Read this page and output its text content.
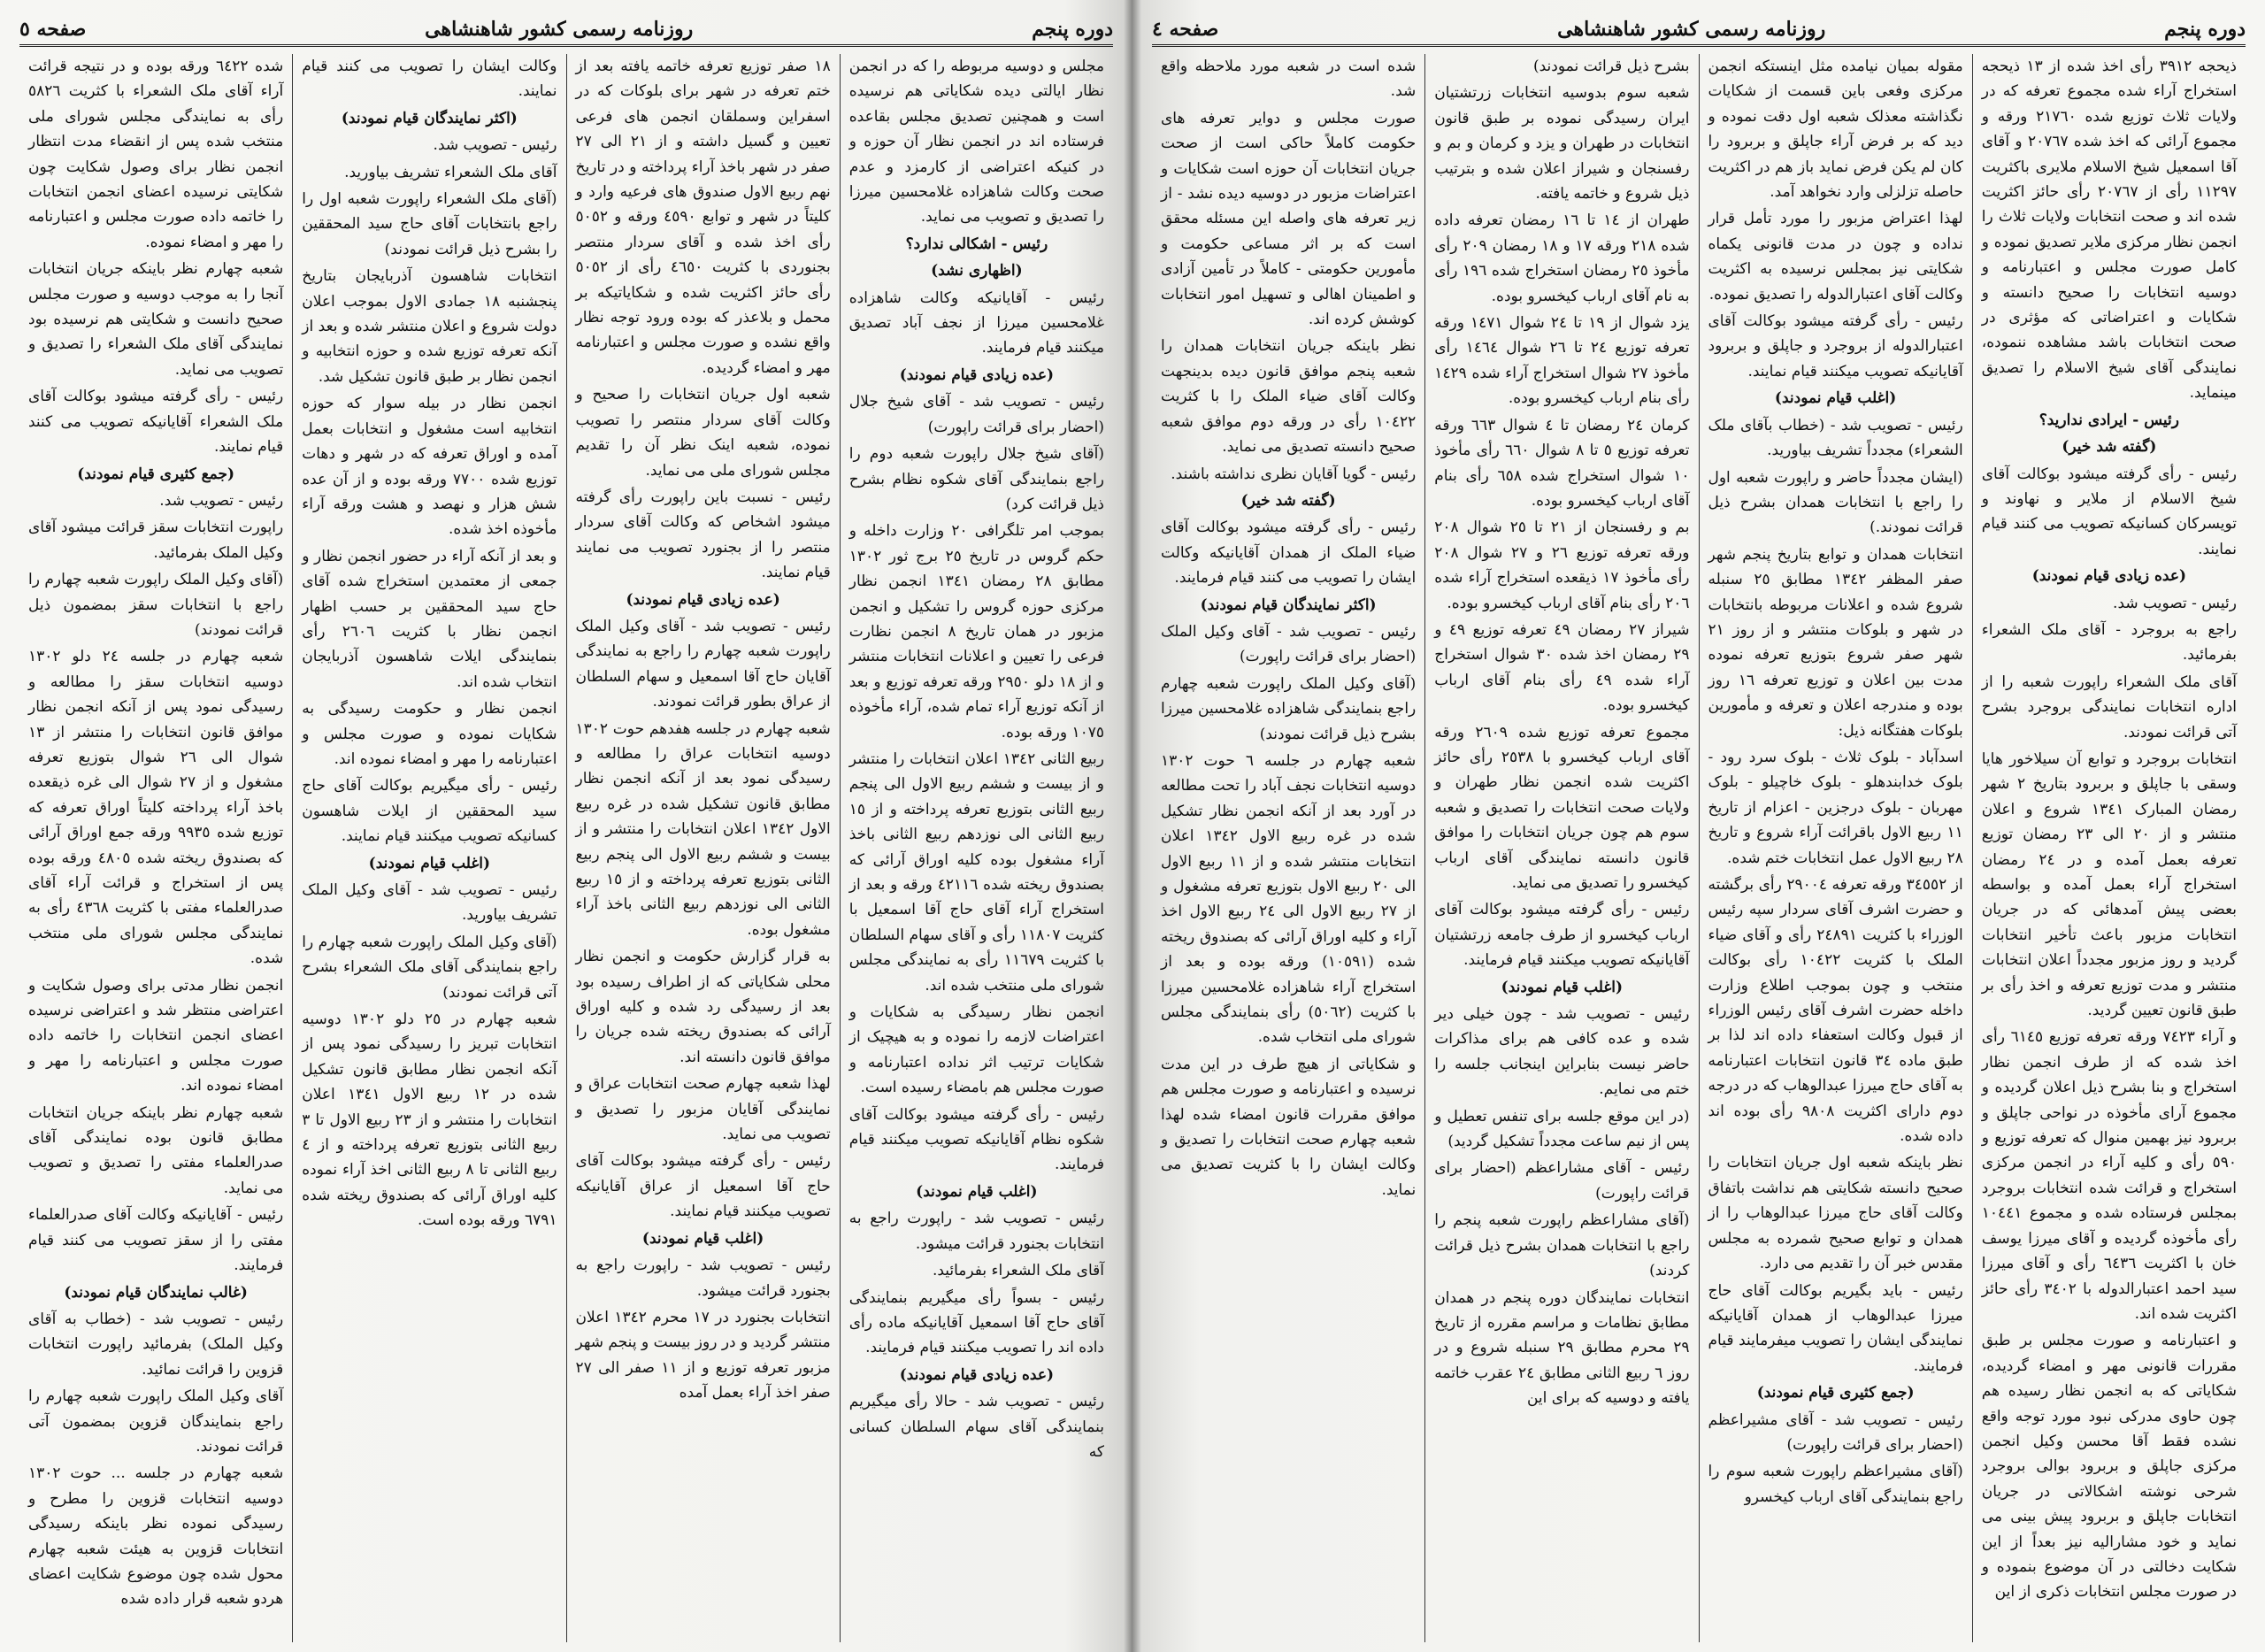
صفحه ٤	روزنامه رسمی کشور شاهنشاهی	دوره پنجم

ذیحجه ٣٩١٢ رأی اخذ شده از ١٣ ذیحجه استخراج آراء شده مجموع تعرفه که در ولایات ثلاث توزیع شده ٢١٧٦٠ ورقه و مجموع آرائی که اخذ شده ٢٠٧٦٧ و آقای آقا اسمعیل شیخ الاسلام ملایری باکثریت ١١٢٩٧ رأی از ٢٠٧٦٧ رأی حائز اکثریت شده اند و صحت انتخابات ولایات ثلاث را انجمن نظار مرکزی ملایر تصدیق نموده و کامل صورت مجلس و اعتبارنامه و دوسیه انتخابات را صحیح دانسته و شکایات و اعتراضاتی که مؤثری در صحت انتخابات باشد مشاهده ننموده، نمایندگی آقای شیخ الاسلام را تصدیق مینماید.

رئیس - ایرادی ندارید؟

(گفته شد خیر)

رئیس - رأی گرفته میشود بوکالت آقای شیخ الاسلام از ملایر و نهاوند و تویسرکان کسانیکه تصویب می کنند قیام نمایند.

(عده زیادی قیام نمودند)

رئیس - تصویب شد.

راجع به بروجرد - آقای ملک الشعراء بفرمائید.

آقای ملک الشعراء راپورت شعبه را از اداره انتخابات نمایندگی بروجرد بشرح آتی قرائت نمودند.

انتخابات بروجرد و توابع آن سیلاخور هایا وسقی با جاپلق و بربرود بتاریخ ٢ شهر رمضان المبارک ١٣٤١ شروع و اعلان منتشر و از ٢٠ الی ٢٣ رمضان توزیع تعرفه بعمل آمده و در ٢٤ رمضان استخراج آراء بعمل آمده و بواسطه بعضی پیش آمدهائی که در جریان انتخابات مزبور باعث تأخیر انتخابات گردید و روز مزبور مجدداً اعلان انتخابات منتشر و مدت توزیع تعرفه و اخذ رأی بر طبق قانون تعیین گردید.

و آراء ٧٤٢٣ ورقه تعرفه توزیع ٦١٤٥ رأی اخذ شده که از طرف انجمن نظار استخراج و بنا بشرح ذیل اعلان گردیده و مجموع آرای مأخوذه در نواحی جاپلق و بربرود نیز بهمین منوال که تعرفه توزیع و ٥٩٠ رأی و کلیه آراء در انجمن مرکزی استخراج و قرائت شده انتخابات بروجرد بمجلس فرستاده شده و مجموع ١٠٤٤١ رأی مأخوذه گردیده و آقای میرزا یوسف خان با اکثریت ٦٤٣٦ رأی و آقای میرزا سید احمد اعتبارالدوله با ٣٤٠٢ رأی حائز اکثریت شده اند.

و اعتبارنامه و صورت مجلس بر طبق مقررات قانونی مهر و امضاء گردیده، شکایاتی که به انجمن نظار رسیده هم چون حاوی مدرکی نبود مورد توجه واقع نشده فقط آقا محسن وکیل انجمن مرکزی جاپلق و بربرود بوالی بروجرد شرحی نوشته اشکالاتی در جریان انتخابات جاپلق و بربرود پیش بینی می نماید و خود مشارالیه نیز بعداً از این شکایت دخالتی در آن موضوع بنموده و در صورت مجلس انتخابات ذکری از این

مقوله بمیان نیامده مثل اینستکه انجمن مرکزی وفعی باین قسمت از شکایات نگذاشته معذلک شعبه اول دقت نموده و دید که بر فرض آراء جاپلق و بربرود را کان لم یکن فرض نماید باز هم در اکثریت حاصله تزلزلی وارد نخواهد آمد.

لهذا اعتراض مزبور را مورد تأمل قرار نداده و چون در مدت قانونی یکماه شکایتی نیز بمجلس نرسیده به اکثریت وکالت آقای اعتبارالدوله را تصدیق نموده.

رئیس - رأی گرفته میشود بوکالت آقای اعتبارالدوله از بروجرد و جاپلق و بربرود آقایانیکه تصویب میکنند قیام نمایند.

(اغلب قیام نمودند)

رئیس - تصویب شد - (خطاب بآقای ملک الشعراء) مجدداً تشریف بیاورید.

(ایشان مجدداً حاضر و راپورت شعبه اول را راجع با انتخابات همدان بشرح ذیل قرائت نمودند.)

انتخابات همدان و توابع بتاریخ پنجم شهر صفر المظفر ١٣٤٢ مطابق ٢٥ سنبله شروع شده و اعلانات مربوطه بانتخابات در شهر و بلوکات منتشر و از روز ٢١ شهر صفر شروع بتوزیع تعرفه نموده مدت بین اعلان و توزیع تعرفه ١٦ روز بوده و مندرجه اعلان و تعرفه و مأمورین بلوکات هفتگانه ذیل:

اسدآباد - بلوک ثلاث - بلوک سرد رود - بلوک خدابندهلو - بلوک خاچیلو - بلوک مهربان - بلوک درجزین - اعزام از تاریخ ١١ ربیع الاول باقرائت آراء شروع و تاریخ ٢٨ ربیع الاول عمل انتخابات ختم شده.

از ٣٤٥٥٢ ورقه تعرفه ٢٩٠٠٤ رأی برگشته و حضرت اشرف آقای سردار سپه رئیس الوزراء با کثریت ٢٤٨٩١ رأی و آقای ضیاء الملک با کثریت ١٠٤٢٢ رأی بوکالت منتخب و چون بموجب اطلاع وزارت داخله حضرت اشرف آقای رئیس الوزراء از قبول وکالت استعفاء داده اند لذا بر طبق ماده ٣٤ قانون انتخابات اعتبارنامه به آقای حاج میرزا عبدالوهاب که در درجه دوم دارای اکثریت ٩٨٠٨ رأی بوده اند داده شده.

نظر باینکه شعبه اول جریان انتخابات را صحیح دانسته شکایتی هم نداشت باتفاق وکالت آقای حاج میرزا عبدالوهاب را از همدان و توابع صحیح شمرده به مجلس مقدس خبر آن را تقدیم می دارد.

رئیس - باید بگیریم بوکالت آقای حاج میرزا عبدالوهاب از همدان آقایانیکه نمایندگی ایشان را تصویب میفرمایند قیام فرمایند.

(جمع کثیری قیام نمودند)

رئیس - تصویب شد - آقای مشیراعظم (احضار برای قرائت راپورت)

(آقای مشیراعظم راپورت شعبه سوم را راجع بنمایندگی آقای ارباب کیخسرو

بشرح ذیل قرائت نمودند)

شعبه سوم بدوسیه انتخابات زرتشتیان ایران رسیدگی نموده بر طبق قانون انتخابات در طهران و یزد و کرمان و بم و رفسنجان و شیراز اعلان شده و بترتیب ذیل شروع و خاتمه یافته.

طهران از ١٤ تا ١٦ رمضان تعرفه داده شده ٢١٨ ورقه ١٧ و ١٨ رمضان ٢٠٩ رأی مأخوذ ٢٥ رمضان استخراج شده ١٩٦ رأی به نام آقای ارباب کیخسرو بوده.

یزد شوال از ١٩ تا ٢٤ شوال ١٤٧١ ورقه تعرفه توزیع ٢٤ تا ٢٦ شوال ١٤٦٤ رأی مأخوذ ٢٧ شوال استخراج آراء شده ١٤٢٩ رأی بنام ارباب کیخسرو بوده.

کرمان ٢٤ رمضان تا ٤ شوال ٦٦٣ ورقه تعرفه توزیع ٥ تا ٨ شوال ٦٦٠ رأی مأخوذ ١٠ شوال استخراج شده ٦٥٨ رأی بنام آقای ارباب کیخسرو بوده.

بم و رفسنجان از ٢١ تا ٢٥ شوال ٢٠٨ ورقه تعرفه توزیع ٢٦ و ٢٧ شوال ٢٠٨ رأی مأخوذ ١٧ ذیقعده استخراج آراء شده ٢٠٦ رأی بنام آقای ارباب کیخسرو بوده.

شیراز ٢٧ رمضان ٤٩ تعرفه توزیع ٤٩ و ٢٩ رمضان اخذ شده ٣٠ شوال استخراج آراء شده ٤٩ رأی بنام آقای ارباب کیخسرو بوده.

مجموع تعرفه توزیع شده ٢٦٠٩ ورقه آقای ارباب کیخسرو با ٢٥٣٨ رأی حائز اکثریت شده انجمن نظار طهران و ولایات صحت انتخابات را تصدیق و شعبه سوم هم چون جریان انتخابات را موافق قانون دانسته نمایندگی آقای ارباب کیخسرو را تصدیق می نماید.

رئیس - رأی گرفته میشود بوکالت آقای ارباب کیخسرو از طرف جامعه زرتشتیان آقایانیکه تصویب میکنند قیام فرمایند.

(اغلب قیام نمودند)

رئیس - تصویب شد - چون خیلی دیر شده و عده کافی هم برای مذاکرات حاضر نیست بنابراین اینجانب جلسه را ختم می نمایم.

(در این موقع جلسه برای تنفس تعطیل و پس از نیم ساعت مجدداً تشکیل گردید)

رئیس - آقای مشاراعظم (احضار برای قرائت راپورت)

(آقای مشاراعظم راپورت شعبه پنجم را راجع با انتخابات همدان بشرح ذیل قرائت کردند)

انتخابات نمایندگان دوره پنجم در همدان مطابق نظامات و مراسم مقرره از تاریخ ٢٩ محرم مطابق ٢٩ سنبله شروع و در روز ٦ ربیع الثانی مطابق ٢٤ عقرب خاتمه یافته و دوسیه که برای این

شده است در شعبه مورد ملاحظه واقع شد.

صورت مجلس و دوایر تعرفه های حکومت کاملاً حاکی است از صحت جریان انتخابات آن حوزه است شکایات و اعتراضات مزبور در دوسیه دیده نشد - از زیر تعرفه های واصله این مسئله محقق است که بر اثر مساعی حکومت و مأمورین حکومتی - کاملاً در تأمین آزادی و اطمینان اهالی و تسهیل امور انتخابات کوشش کرده اند.

نظر باینکه جریان انتخابات همدان را شعبه پنجم موافق قانون دیده بدینجهت وکالت آقای ضیاء الملک را با کثریت ١٠٤٢٢ رأی در ورقه دوم موافق شعبه صحیح دانسته تصدیق می نماید.

رئیس - گویا آقایان نظری نداشته باشند.

(گفته شد خیر)

رئیس - رأی گرفته میشود بوکالت آقای ضیاء الملک از همدان آقایانیکه وکالت ایشان را تصویب می کنند قیام فرمایند.

(اکثر نمایندگان قیام نمودند)

رئیس - تصویب شد - آقای وکیل الملک (احضار برای قرائت راپورت)

(آقای وکیل الملک راپورت شعبه چهارم راجع بنمایندگی شاهزاده غلامحسین میرزا بشرح ذیل قرائت نمودند)

شعبه چهارم در جلسه ٦ حوت ١٣٠٢ دوسیه انتخابات نجف آباد را تحت مطالعه در آورد بعد از آنکه انجمن نظار تشکیل شده در غره ربیع الاول ١٣٤٢ اعلان انتخابات منتشر شده و از ١١ ربیع الاول الی ٢٠ ربیع الاول بتوزیع تعرفه مشغول و از ٢٧ ربیع الاول الی ٢٤ ربیع الاول اخذ آراء و کلیه اوراق آرائی که بصندوق ریخته شده (١٠٥٩١) ورقه بوده و بعد از استخراج آراء شاهزاده غلامحسین میرزا با کثریت (٥٠٦٢) رأی بنمایندگی مجلس شورای ملی انتخاب شده.

و شکایاتی از هیچ طرف در این مدت نرسیده و اعتبارنامه و صورت مجلس هم موافق مقررات قانون امضاء شده لهذا شعبه چهارم صحت انتخابات را تصدیق و وکالت ایشان را با کثریت تصدیق می نماید.

صفحه ٥	روزنامه رسمی کشور شاهنشاهی	دوره پنجم

مجلس و دوسیه مربوطه را که در انجمن نظار ایالتی دیده شکایاتی هم نرسیده است و همچنین تصدیق مجلس بقاعده فرستاده اند در انجمن نظار آن حوزه و در کنیکه اعتراضی از کارمزد و عدم صحت وکالت شاهزاده غلامحسین میرزا را تصدیق و تصویب می نماید.

رئیس - اشکالی ندارد؟

(اظهاری نشد)

رئیس - آقایانیکه وکالت شاهزاده غلامحسین میرزا از نجف آباد تصدیق میکنند قیام فرمایند.

(عده زیادی قیام نمودند)

رئیس - تصویب شد - آقای شیخ جلال (احضار برای قرائت راپورت)

(آقای شیخ جلال راپورت شعبه دوم را راجع بنمایندگی آقای شکوه نظام بشرح ذیل قرائت کرد)

بموجب امر تلگرافی ٢٠ وزارت داخله و حکم گروس در تاریخ ٢٥ برج ثور ١٣٠٢ مطابق ٢٨ رمضان ١٣٤١ انجمن نظار مرکزی حوزه گروس را تشکیل و انجمن مزبور در همان تاریخ ٨ انجمن نظارت فرعی را تعیین و اعلانات انتخابات منتشر و از ١٨ دلو ٢٩٥٠ ورقه تعرفه توزیع و بعد از آنکه توزیع آراء تمام شده، آراء مأخوذه ١٠٧٥ ورقه بوده.

ربیع الثانی ١٣٤٢ اعلان انتخابات را منتشر و از بیست و ششم ربیع الاول الی پنجم ربیع الثانی بتوزیع تعرفه پرداخته و از ١٥ ربیع الثانی الی نوزدهم ربیع الثانی باخذ آراء مشغول بوده کلیه اوراق آرائی که بصندوق ریخته شده ٤٢١١٦ ورقه و بعد از استخراج آراء آقای حاج آقا اسمعیل با کثریت ١١٨٠٧ رأی و آقای سهام السلطان با کثریت ١١٦٧٩ رأی به نمایندگی مجلس شورای ملی منتخب شده اند.

انجمن نظار رسیدگی به شکایات و اعتراضات لازمه را نموده و به هیچیک از شکایات ترتیب اثر نداده اعتبارنامه و صورت مجلس هم بامضاء رسیده است.

رئیس - رأی گرفته میشود بوکالت آقای شکوه نظام آقایانیکه تصویب میکنند قیام فرمایند.

(اغلب قیام نمودند)

رئیس - تصویب شد - راپورت راجع به انتخابات بجنورد قرائت میشود.

آقای ملک الشعراء بفرمائید.

رئیس - بسواً رأی میگیریم بنمایندگی آقای حاج آقا اسمعیل آقایانیکه ماده رأی داده اند را تصویب میکنند قیام فرمایند.

(عده زیادی قیام نمودند)

رئیس - تصویب شد - حالا رأی میگیریم بنمایندگی آقای سهام السلطان کسانی که

١٨ صفر توزیع تعرفه خاتمه یافته بعد از ختم تعرفه در شهر برای بلوکات که در اسفراین وسملقان انجمن های فرعی تعیین و گسیل داشته و از ٢١ الی ٢٧ صفر در شهر باخذ آراء پرداخته و در تاریخ نهم ربیع الاول صندوق های فرعیه وارد و کلیتاً در شهر و توابع ٤٥٩٠ ورقه و ٥٠٥٢ رأی اخذ شده و آقای سردار منتصر بجنوردی با کثریت ٤٦٥٠ رأی از ٥٠٥٢ رأی حائز اکثریت شده و شکایاتیکه بر محمل و بلاعذر که بوده ورود توجه نظار واقع نشده و صورت مجلس و اعتبارنامه مهر و امضاء گردیده.

شعبه اول جریان انتخابات را صحیح و وکالت آقای سردار منتصر را تصویب نموده، شعبه اینک نظر آن را تقدیم مجلس شورای ملی می نماید.

رئیس - نسبت باین راپورت رأی گرفته میشود اشخاص که وکالت آقای سردار منتصر را از بجنورد تصویب می نمایند قیام نمایند.

(عده زیادی قیام نمودند)

رئیس - تصویب شد - آقای وکیل الملک راپورت شعبه چهارم را راجع به نمایندگی آقایان حاج آقا اسمعیل و سهام السلطان از عراق بطور قرائت نمودند.

شعبه چهارم در جلسه هفدهم حوت ١٣٠٢ دوسیه انتخابات عراق را مطالعه و رسیدگی نمود بعد از آنکه انجمن نظار مطابق قانون تشکیل شده در غره ربیع الاول ١٣٤٢ اعلان انتخابات را منتشر و از بیست و ششم ربیع الاول الی پنجم ربیع الثانی بتوزیع تعرفه پرداخته و از ١٥ ربیع الثانی الی نوزدهم ربیع الثانی باخذ آراء مشغول بوده.

به قرار گزارش حکومت و انجمن نظار محلی شکایاتی که از اطراف رسیده بود بعد از رسیدگی رد شده و کلیه اوراق آرائی که بصندوق ریخته شده جریان را موافق قانون دانسته اند.

لهذا شعبه چهارم صحت انتخابات عراق و نمایندگی آقایان مزبور را تصدیق و تصویب می نماید.

رئیس - رأی گرفته میشود بوکالت آقای حاج آقا اسمعیل از عراق آقایانیکه تصویب میکنند قیام نمایند.

(اغلب قیام نمودند)

رئیس - تصویب شد - راپورت راجع به بجنورد قرائت میشود.

انتخابات بجنورد در ١٧ محرم ١٣٤٢ اعلان منتشر گردید و در روز بیست و پنجم شهر مزبور تعرفه توزیع و از ١١ صفر الی ٢٧ صفر اخذ آراء بعمل آمده

وکالت ایشان را تصویب می کنند قیام نمایند.

(اکثر نمایندگان قیام نمودند)

رئیس - تصویب شد.

آقای ملک الشعراء تشریف بیاورید.

(آقای ملک الشعراء راپورت شعبه اول را راجع بانتخابات آقای حاج سید المحققین را بشرح ذیل قرائت نمودند)

انتخابات شاهسون آذربایجان بتاریخ پنجشنبه ١٨ جمادی الاول بموجب اعلان دولت شروع و اعلان منتشر شده و بعد از آنکه تعرفه توزیع شده و حوزه انتخابیه و انجمن نظار بر طبق قانون تشکیل شد.

انجمن نظار در بیله سوار که حوزه انتخابیه است مشغول و انتخابات بعمل آمده و اوراق تعرفه که در شهر و دهات توزیع شده ٧٧٠٠ ورقه بوده و از آن عده شش هزار و نهصد و هشت ورقه آراء مأخوذه اخذ شده.

و بعد از آنکه آراء در حضور انجمن نظار و جمعی از معتمدین استخراج شده آقای حاج سید المحققین بر حسب اظهار انجمن نظار با کثریت ٢٦٠٦ رأی بنمایندگی ایلات شاهسون آذربایجان انتخاب شده اند.

انجمن نظار و حکومت رسیدگی به شکایات نموده و صورت مجلس و اعتبارنامه را مهر و امضاء نموده اند.

رئیس - رأی میگیریم بوکالت آقای حاج سید المحققین از ایلات شاهسون کسانیکه تصویب میکنند قیام نمایند.

(اغلب قیام نمودند)

رئیس - تصویب شد - آقای وکیل الملک تشریف بیاورید.

(آقای وکیل الملک راپورت شعبه چهارم را راجع بنمایندگی آقای ملک الشعراء بشرح آتی قرائت نمودند)

شعبه چهارم در ٢٥ دلو ١٣٠٢ دوسیه انتخابات تبریز را رسیدگی نمود پس از آنکه انجمن نظار مطابق قانون تشکیل شده در ١٢ ربیع الاول ١٣٤١ اعلان انتخابات را منتشر و از ٢٣ ربیع الاول تا ٣ ربیع الثانی بتوزیع تعرفه پرداخته و از ٤ ربیع الثانی تا ٨ ربیع الثانی اخذ آراء نموده کلیه اوراق آرائی که بصندوق ریخته شده ٦٧٩١ ورقه بوده است.

شده ٦٤٢٢ ورقه بوده و در نتیجه قرائت آراء آقای ملک الشعراء با کثریت ٥٨٢٦ رأی به نمایندگی مجلس شورای ملی منتخب شده پس از انقضاء مدت انتظار انجمن نظار برای وصول شکایت چون شکایتی نرسیده اعضای انجمن انتخابات را خاتمه داده صورت مجلس و اعتبارنامه را مهر و امضاء نموده.

شعبه چهارم نظر باینکه جریان انتخابات آنجا را به موجب دوسیه و صورت مجلس صحیح دانست و شکایتی هم نرسیده بود نمایندگی آقای ملک الشعراء را تصدیق و تصویب می نماید.

رئیس - رأی گرفته میشود بوکالت آقای ملک الشعراء آقایانیکه تصویب می کنند قیام نمایند.

(جمع کثیری قیام نمودند)

رئیس - تصویب شد.

راپورت انتخابات سقز قرائت میشود آقای وکیل الملک بفرمائید.

(آقای وکیل الملک راپورت شعبه چهارم را راجع با انتخابات سقز بمضمون ذیل قرائت نمودند)

شعبه چهارم در جلسه ٢٤ دلو ١٣٠٢ دوسیه انتخابات سقز را مطالعه و رسیدگی نمود پس از آنکه انجمن نظار موافق قانون انتخابات را منتشر از ١٣ شوال الی ٢٦ شوال بتوزیع تعرفه مشغول و از ٢٧ شوال الی غره ذیقعده باخذ آراء پرداخته کلیتاً اوراق تعرفه که توزیع شده ٩٩٣٥ ورقه جمع اوراق آرائی که بصندوق ریخته شده ٤٨٠٥ ورقه بوده پس از استخراج و قرائت آراء آقای صدرالعلماء مفتی با کثریت ٤٣٦٨ رأی به نمایندگی مجلس شورای ملی منتخب شده.

انجمن نظار مدتی برای وصول شکایت و اعتراضی منتظر شد و اعتراضی نرسیده اعضای انجمن انتخابات را خاتمه داده صورت مجلس و اعتبارنامه را مهر و امضاء نموده اند.

شعبه چهارم نظر باینکه جریان انتخابات مطابق قانون بوده نمایندگی آقای صدرالعلماء مفتی را تصدیق و تصویب می نماید.

رئیس - آقایانیکه وکالت آقای صدرالعلماء مفتی را از سقز تصویب می کنند قیام فرمایند.

(غالب نمایندگان قیام نمودند)

رئیس - تصویب شد - (خطاب به آقای وکیل الملک) بفرمائید راپورت انتخابات قزوین را قرائت نمائید.

آقای وکیل الملک راپورت شعبه چهارم را راجع بنمایندگان قزوین بمضمون آتی قرائت نمودند.

شعبه چهارم در جلسه ... حوت ١٣٠٢ دوسیه انتخابات قزوین را مطرح و رسیدگی نموده نظر باینکه رسیدگی انتخابات قزوین به هیئت شعبه چهارم محول شده چون موضوع شکایت اعضای هردو شعبه قرار داده شده
